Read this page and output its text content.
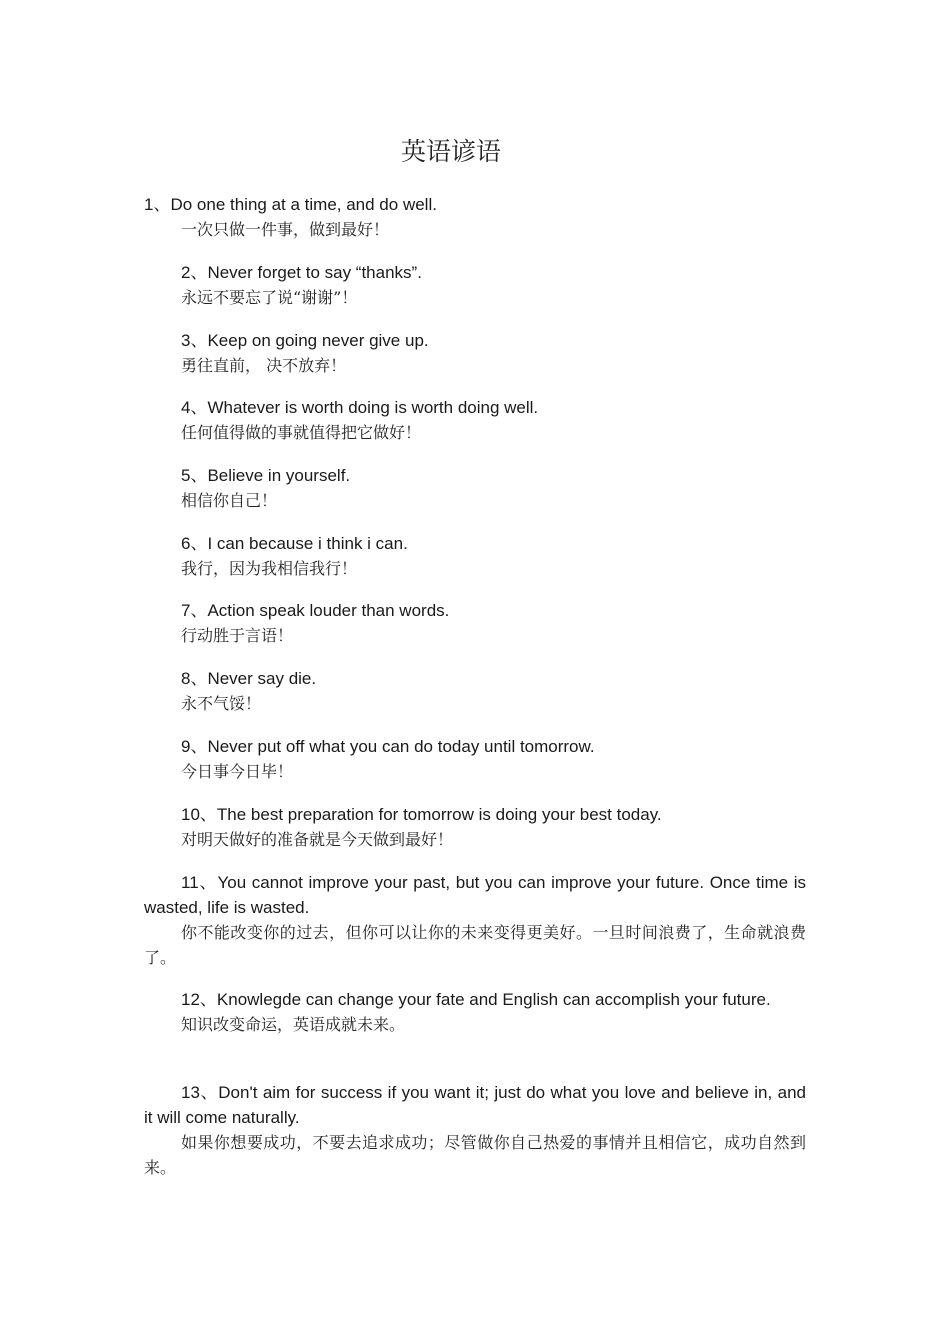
英语谚语
1、Do one thing at a time, and do well.
一次只做一件事，做到最好！
2、Never forget to say “thanks”.
永远不要忘了说“谢谢”！
3、Keep on going never give up.
勇往直前， 决不放弃！
4、Whatever is worth doing is worth doing well.
任何值得做的事就值得把它做好！
5、Believe in yourself.
相信你自己！
6、I can because i think i can.
我行，因为我相信我行！
7、Action speak louder than words.
行动胜于言语！
8、Never say die.
永不气馁！
9、Never put off what you can do today until tomorrow.
今日事今日毕！
10、The best preparation for tomorrow is doing your best today.
对明天做好的准备就是今天做到最好！
11、You cannot improve your past, but you can improve your future. Once time is wasted, life is wasted.
你不能改变你的过去，但你可以让你的未来变得更美好。一旦时间浪费了，生命就浪费了。
12、Knowlegde can change your fate and English can accomplish your future.
知识改变命运，英语成就未来。
13、Don't aim for success if you want it; just do what you love and believe in, and it will come naturally.
如果你想要成功，不要去追求成功；尽管做你自己热爱的事情并且相信它，成功自然到来。
